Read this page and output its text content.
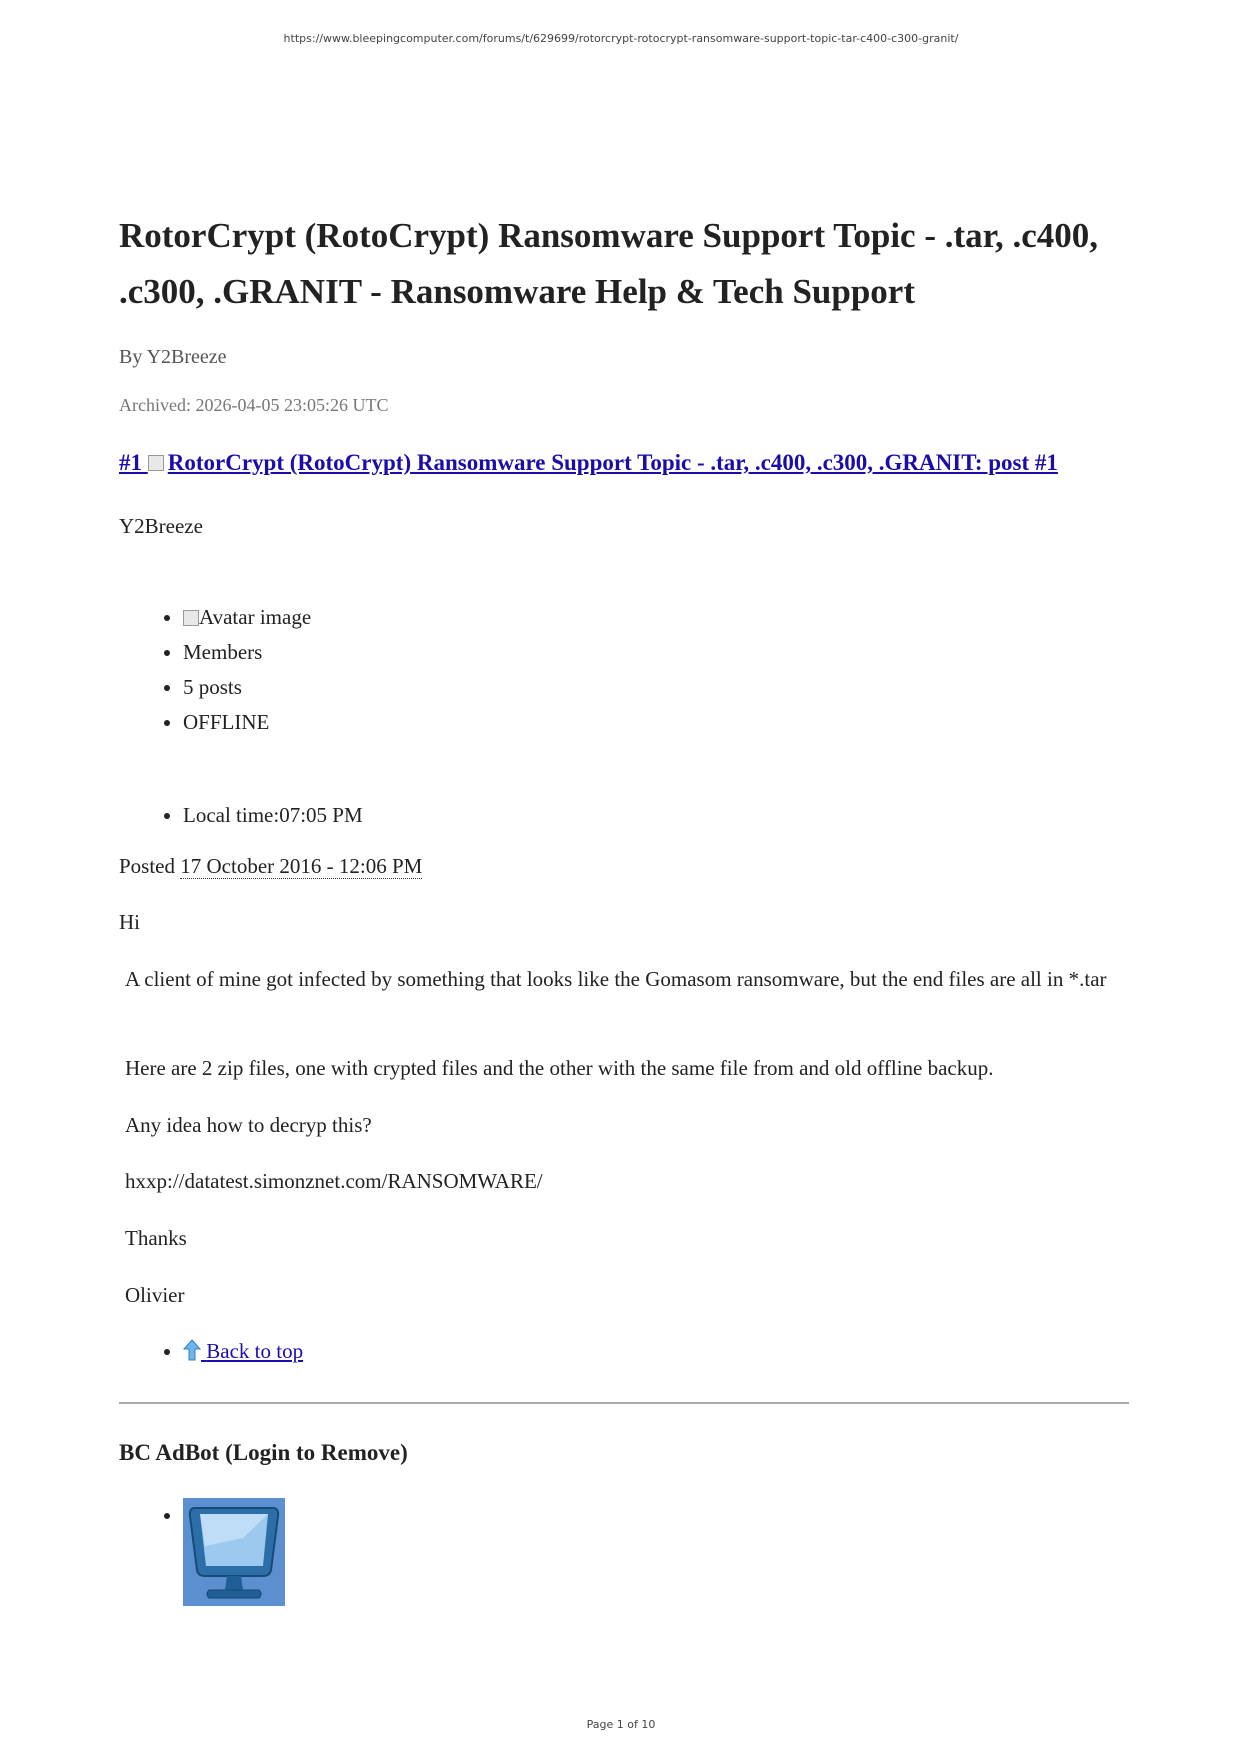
https://www.bleepingcomputer.com/forums/t/629699/rotorcrypt-rotocrypt-ransomware-support-topic-tar-c400-c300-granit/
RotorCrypt (RotoCrypt) Ransomware Support Topic - .tar, .c400, .c300, .GRANIT - Ransomware Help & Tech Support
By Y2Breeze
Archived: 2026-04-05 23:05:26 UTC
#1 RotorCrypt (RotoCrypt) Ransomware Support Topic - .tar, .c400, .c300, .GRANIT: post #1
Y2Breeze
• Avatar image
• Members
• 5 posts
• OFFLINE
• Local time:07:05 PM

Posted 17 October 2016 - 12:06 PM

Hi

A client of mine got infected by something that looks like the Gomasom ransomware, but the end files are all in *.tar

Here are 2 zip files, one with crypted files and the other with the same file from and old offline backup.

Any idea how to decryp this?

hxxp://datatest.simonznet.com/RANSOMWARE/

Thanks

Olivier

•  Back to top
BC AdBot (Login to Remove)
•
Page 1 of 10
